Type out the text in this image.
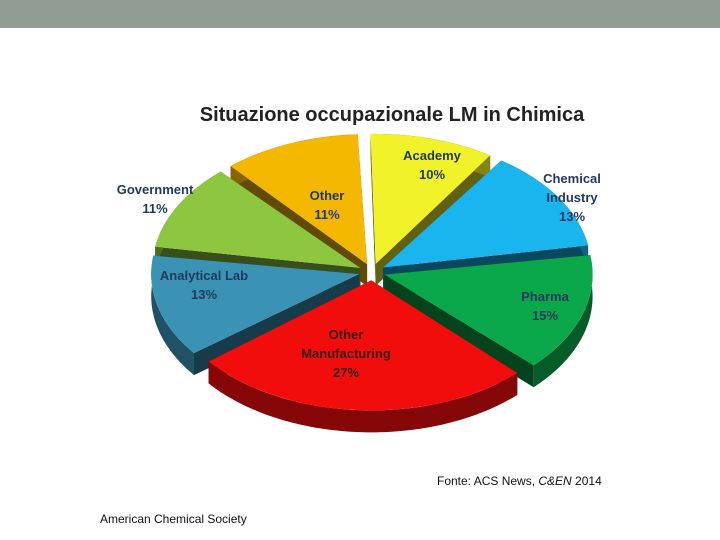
Situazione occupazionale LM in Chimica
Academy 10%	Chemical Industry 13%
Pharma 15%
Other Manufacturing 27%
Analytical Lab 13%
Government 11%
Other 11%
Fonte: ACS News, C&EN 2014
American Chemical Society
